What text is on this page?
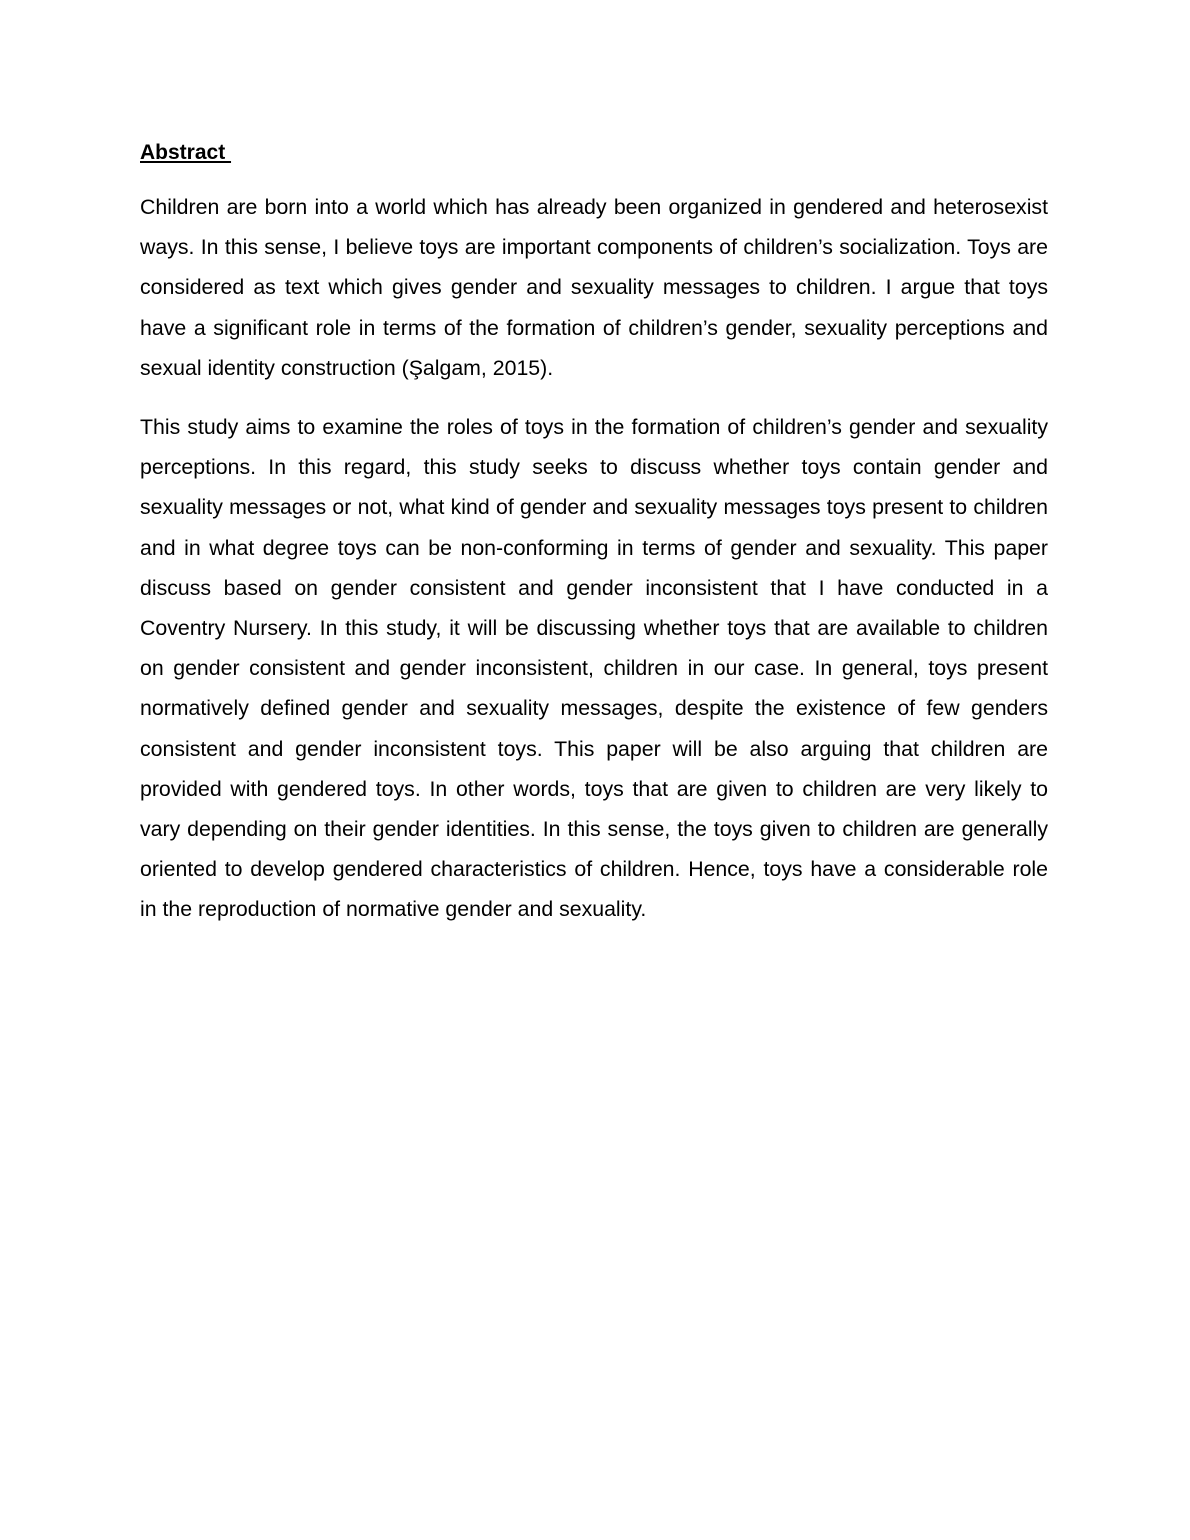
Abstract

Children are born into a world which has already been organized in gendered and heterosexist ways. In this sense, I believe toys are important components of children’s socialization. Toys are considered as text which gives gender and sexuality messages to children. I argue that toys have a significant role in terms of the formation of children’s gender, sexuality perceptions and sexual identity construction (Şalgam, 2015).

This study aims to examine the roles of toys in the formation of children’s gender and sexuality perceptions. In this regard, this study seeks to discuss whether toys contain gender and sexuality messages or not, what kind of gender and sexuality messages toys present to children and in what degree toys can be non-conforming in terms of gender and sexuality. This paper discuss based on gender consistent and gender inconsistent that I have conducted in a Coventry Nursery. In this study, it will be discussing whether toys that are available to children on gender consistent and gender inconsistent, children in our case. In general, toys present normatively defined gender and sexuality messages, despite the existence of few genders consistent and gender inconsistent toys. This paper will be also arguing that children are provided with gendered toys. In other words, toys that are given to children are very likely to vary depending on their gender identities. In this sense, the toys given to children are generally oriented to develop gendered characteristics of children. Hence, toys have a considerable role in the reproduction of normative gender and sexuality.
